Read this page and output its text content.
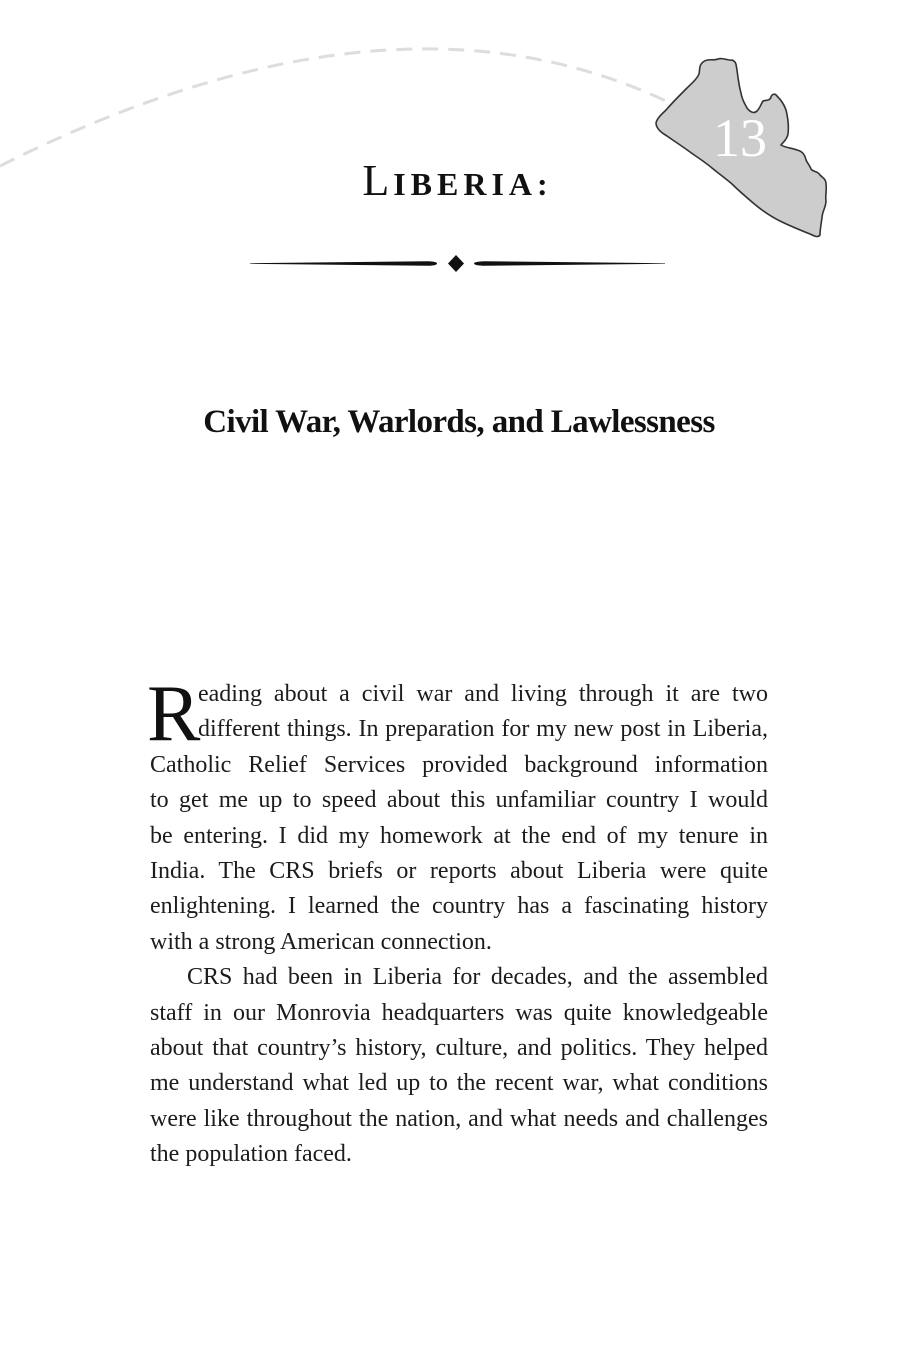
13
LIBERIA:
Civil War, Warlords, and Lawlessness
R
eading about a civil war and living through it are two
different things. In preparation for my new post in Liberia,
Catholic Relief Services provided background information
to get me up to speed about this unfamiliar country I would
be entering. I did my homework at the end of my tenure in
India. The CRS briefs or reports about Liberia were quite
enlightening. I learned the country has a fascinating history
with a strong American connection.
CRS had been in Liberia for decades, and the assembled
staff in our Monrovia headquarters was quite knowledgeable
about that country’s history, culture, and politics. They helped
me understand what led up to the recent war, what conditions
were like throughout the nation, and what needs and challenges
the population faced.
